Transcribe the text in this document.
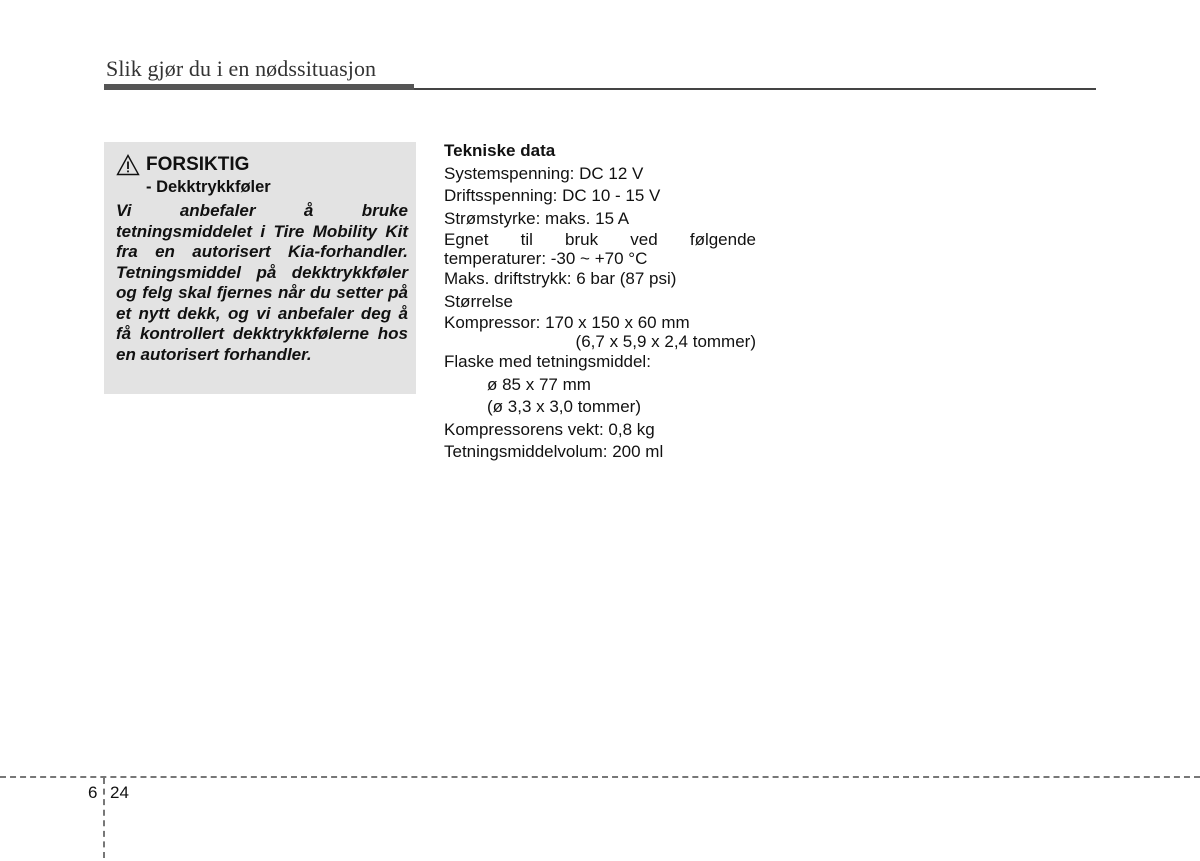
Slik gjør du i en nødssituasjon
FORSIKTIG
- Dekktrykkføler
Vi anbefaler å bruke tetningsmiddelet i Tire Mobility Kit fra en autorisert Kia-forhandler. Tetningsmiddel på dekktrykkføler og felg skal fjernes når du setter på et nytt dekk, og vi anbefaler deg å få kontrollert dekktrykkfølerne hos en autorisert forhandler.
Tekniske data
Systemspenning: DC 12 V
Driftsspenning: DC 10 - 15 V
Strømstyrke: maks. 15 A
Egnet til bruk ved følgende
temperaturer: -30 ~ +70 °C
Maks. driftstrykk: 6 bar (87 psi)
Størrelse
Kompressor: 170 x 150 x 60 mm
(6,7 x 5,9 x 2,4 tommer)
Flaske med tetningsmiddel:
ø 85 x 77 mm
(ø 3,3 x 3,0 tommer)
Kompressorens vekt: 0,8 kg
Tetningsmiddelvolum: 200 ml
6 24
